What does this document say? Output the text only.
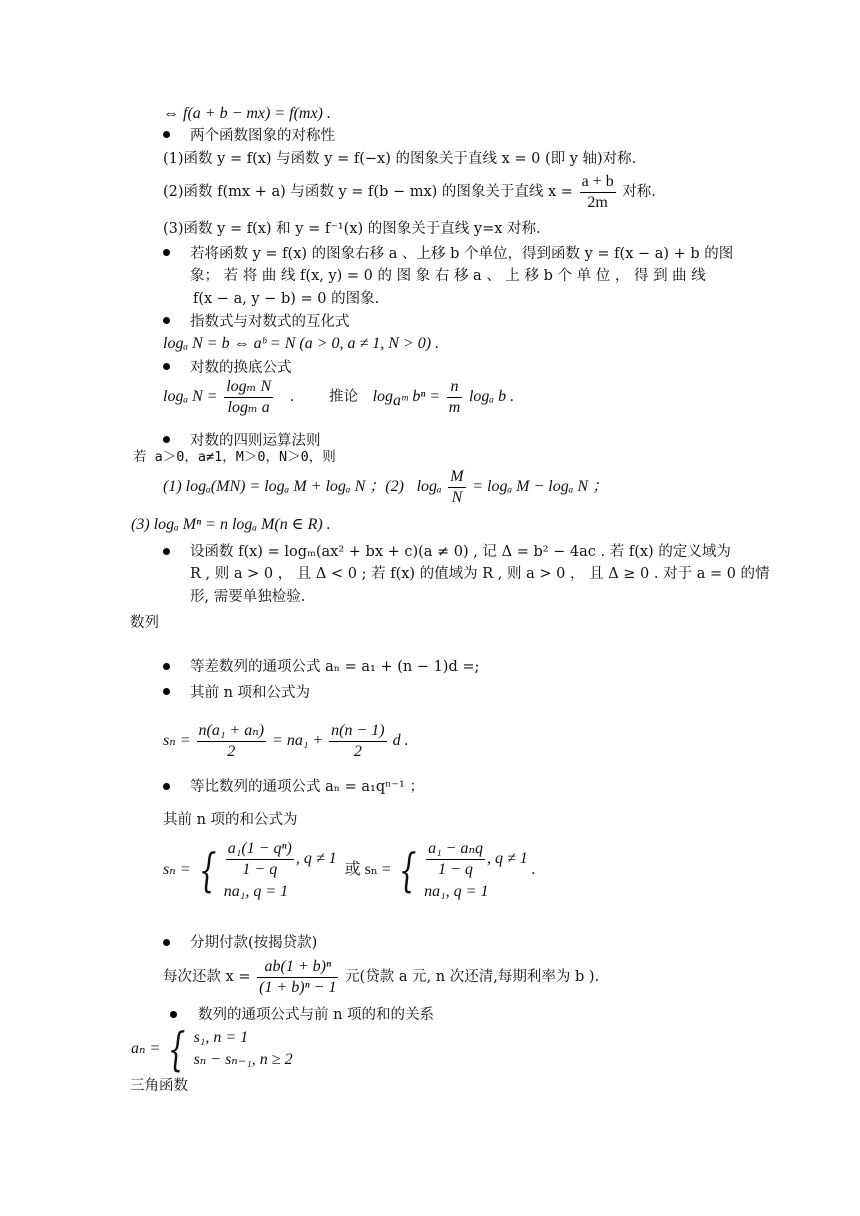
⇔ f(a + b − mx) = f(mx) .
两个函数图象的对称性
(1)函数 y = f(x) 与函数 y = f(−x) 的图象关于直线 x = 0 (即 y 轴)对称.
(2)函数 f(mx + a) 与函数 y = f(b − mx) 的图象关于直线 $x = \frac{a + b}{2m}$ 对称.
(3)函数 y = f(x) 和 y = f⁻¹(x) 的图象关于直线 y=x 对称.
若将函数 y = f(x) 的图象右移 a 、上移 b 个单位，得到函数 y = f(x − a) + b 的图
象； 若 将 曲 线 f(x, y) = 0 的 图 象 右 移 a 、 上 移 b 个 单 位 ， 得 到 曲 线
f(x − a, y − b) = 0 的图象.
指数式与对数式的互化式
logₐ N = b ⇔ aᵇ = N (a > 0, a ≠ 1, N > 0) .
对数的换底公式
logₐ $N = \frac{\text{logₘ N}}{\text{logₘ a}}$ . 推论 $\log_{aᵐ} b^n = \frac{n}{m}$ logₐ b .
对数的四则运算法则
若 a＞0，a≠1，M＞0，N＞0，则
(1) logₐ(MN) = logₐ M + logₐ N ；(2) logₐ $\frac{M}{N} = \log_a$ M − logₐ N ；
(3) logₐ Mⁿ = n logₐ M(n ∈ R) .
设函数 f(x) = logₘ(ax² + bx + c)(a ≠ 0) , 记 Δ = b² − 4ac . 若 f(x) 的定义域为
R , 则 a > 0 ， 且 Δ < 0 ; 若 f(x) 的值域为 R , 则 a > 0 ， 且 Δ ≥ 0 . 对于 a = 0 的情
形, 需要单独检验.
数列
等差数列的通项公式 aₙ = a₁ + (n − 1)d =;
其前 n 项和公式为
$s_n = \frac{\text{n(a₁ + aₙ)}}{2} = na_1 + \frac{n(n - 1)}{2}$ d .
等比数列的通项公式 aₙ = a₁qⁿ⁻¹ ；
其前 n 项的和公式为
sₙ = { $\frac{\text{a₁(1 − qⁿ)}}{1 - q}$ , q ≠ 1
na₁, q = 1
或 sₙ = { $\frac{\text{a₁ − aₙq}}{1 - q}$ , q ≠ 1
na₁, q = 1
.
分期付款(按揭贷款)
每次还款 $x = \frac{\text{ab(1 + b)ⁿ}}{\text{(1 + b)ⁿ − 1}}$ 元(贷款 a 元, n 次还清,每期利率为 b ).
数列的通项公式与前 n 项的和的关系
aₙ = { s₁, n = 1
sₙ − sₙ₋₁, n ≥ 2
三角函数
